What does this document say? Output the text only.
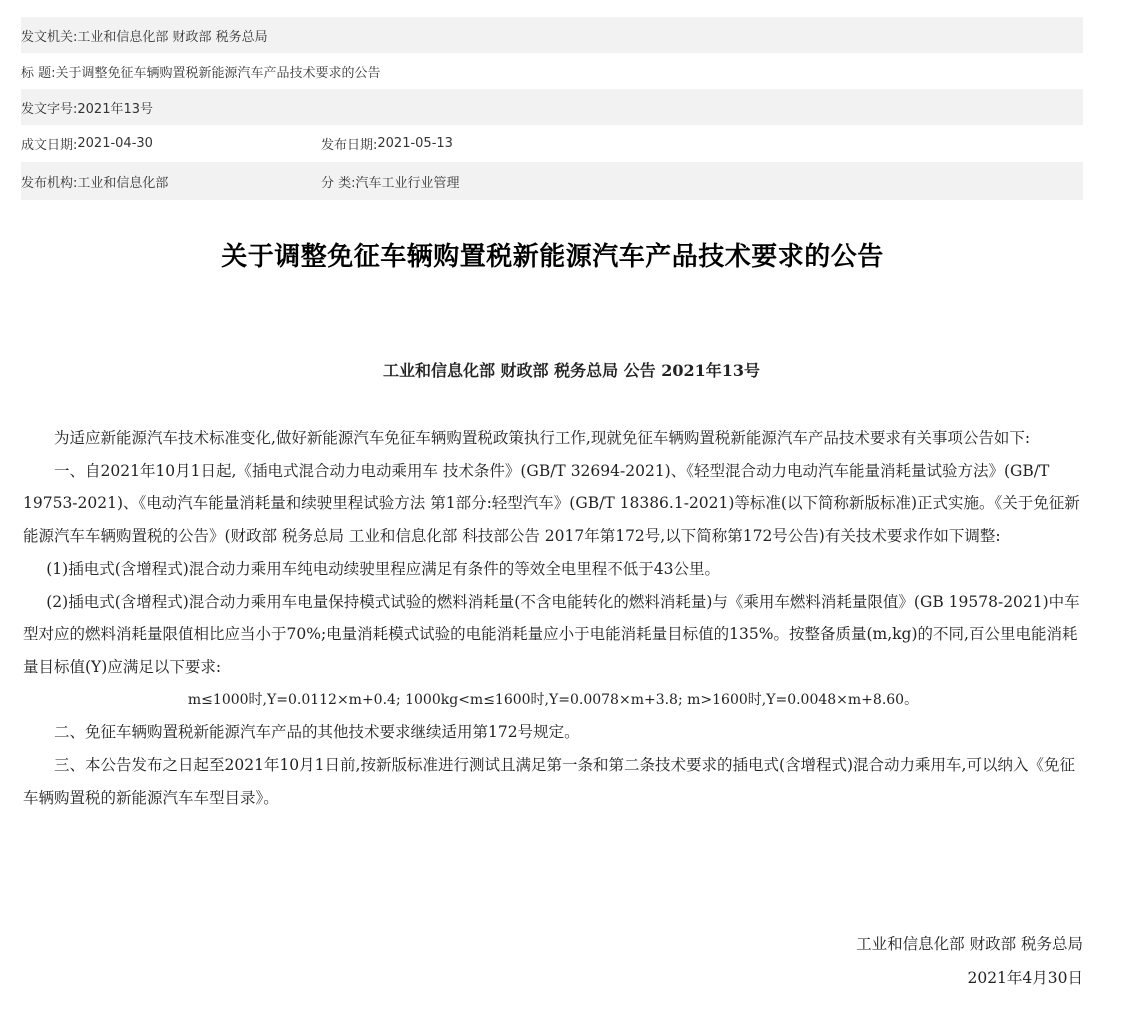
发文机关: 工业和信息化部 财政部 税务总局
标 题: 关于调整免征车辆购置税新能源汽车产品技术要求的公告
发文字号: 2021年13号
成文日期: 2021-04-30	发布日期: 2021-05-13
发布机构: 工业和信息化部	分 类: 汽车工业行业管理
关于调整免征车辆购置税新能源汽车产品技术要求的公告
工业和信息化部 财政部 税务总局 公告 2021年13号

为适应新能源汽车技术标准变化,做好新能源汽车免征车辆购置税政策执行工作,现就免征车辆购置税新能源汽车产品技术要求有关事项公告如下:

一、自2021年10月1日起,《插电式混合动力电动乘用车 技术条件》(GB/T 32694-2021)、《轻型混合动力电动汽车能量消耗量试验方法》(GB/T 19753-2021)、《电动汽车能量消耗量和续驶里程试验方法 第1部分:轻型汽车》(GB/T 18386.1-2021)等标准(以下简称新版标准)正式实施。《关于免征新能源汽车车辆购置税的公告》(财政部 税务总局 工业和信息化部 科技部公告 2017年第172号,以下简称第172号公告)有关技术要求作如下调整:

(1)插电式(含增程式)混合动力乘用车纯电动续驶里程应满足有条件的等效全电里程不低于43公里。

(2)插电式(含增程式)混合动力乘用车电量保持模式试验的燃料消耗量(不含电能转化的燃料消耗量)与《乘用车燃料消耗量限值》(GB 19578-2021)中车型对应的燃料消耗量限值相比应当小于70%;电量消耗模式试验的电能消耗量应小于电能消耗量目标值的135%。按整备质量(m,kg)的不同,百公里电能消耗量目标值(Y)应满足以下要求:

m≤1000时,Y=0.0112×m+0.4; 1000kg<m≤1600时,Y=0.0078×m+3.8; m>1600时,Y=0.0048×m+8.60。

二、免征车辆购置税新能源汽车产品的其他技术要求继续适用第172号规定。

三、本公告发布之日起至2021年10月1日前,按新版标准进行测试且满足第一条和第二条技术要求的插电式(含增程式)混合动力乘用车,可以纳入《免征车辆购置税的新能源汽车车型目录》。

工业和信息化部 财政部 税务总局
2021年4月30日
